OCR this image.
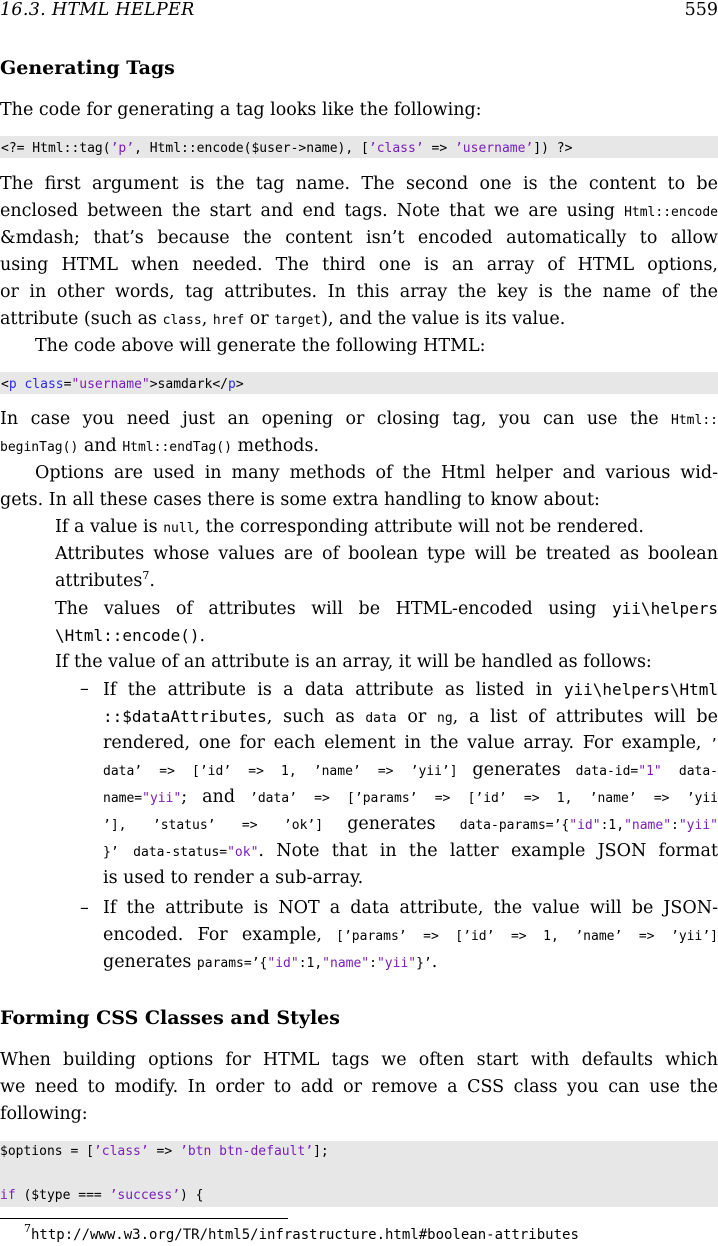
16.3. HTML HELPER	559
Generating Tags
The code for generating a tag looks like the following:
<?= Html::tag(’p’, Html::encode($user->name), [’class’ => ’username’]) ?>
The first argument is the tag name. The second one is the content to be
enclosed between the start and end tags. Note that we are using Html::encode
&mdash; that’s because the content isn’t encoded automatically to allow
using HTML when needed. The third one is an array of HTML options,
or in other words, tag attributes. In this array the key is the name of the
attribute (such as class, href or target), and the value is its value.
The code above will generate the following HTML:
<p class="username">samdark</p>
In case you need just an opening or closing tag, you can use the Html::
beginTag() and Html::endTag() methods.
Options are used in many methods of the Html helper and various wid-
gets. In all these cases there is some extra handling to know about:
If a value is null, the corresponding attribute will not be rendered.
Attributes whose values are of boolean type will be treated as boolean
attributes$^7$.
The values of attributes will be HTML-encoded using yii\helpers
\Html::encode().
If the value of an attribute is an array, it will be handled as follows:
– If the attribute is a data attribute as listed in yii\helpers\Html
::$dataAttributes, such as data or ng, a list of attributes will be
rendered, one for each element in the value array. For example, ’
data’ => [’id’ => 1, ’name’ => ’yii’] generates data-id="1" data-
name="yii"; and ’data’ => [’params’ => [’id’ => 1, ’name’ => ’yii
’], ’status’ => ’ok’] generates data-params=’{"id":1,"name":"yii"
}’ data-status="ok". Note that in the latter example JSON format
is used to render a sub-array.
– If the attribute is NOT a data attribute, the value will be JSON-
encoded. For example, [’params’ => [’id’ => 1, ’name’ => ’yii’]
generates params=’{"id":1,"name":"yii"}’.
Forming CSS Classes and Styles
When building options for HTML tags we often start with defaults which
we need to modify. In order to add or remove a CSS class you can use the
following:
$options = [’class’ => ’btn btn-default’];
if ($type === ’success’) {
$^7$http://www.w3.org/TR/html5/infrastructure.html#boolean-attributes
